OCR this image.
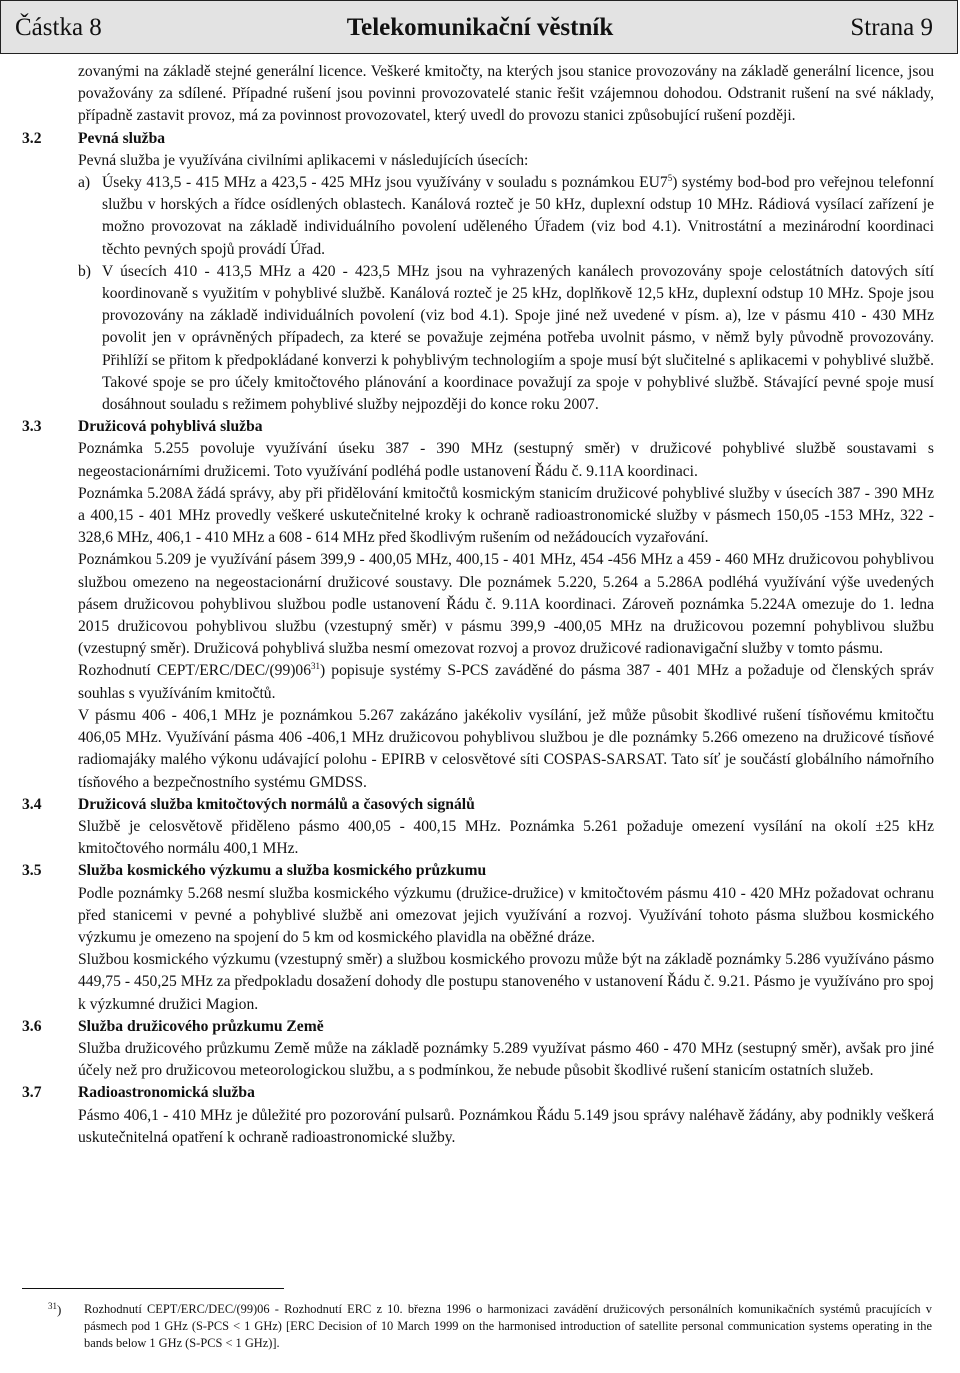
Částka 8	Telekomunikační věstník	Strana 9
zovanými na základě stejné generální licence. Veškeré kmitočty, na kterých jsou stanice provozovány na základě generální licence, jsou považovány za sdílené. Případné rušení jsou povinni provozovatelé stanic řešit vzájemnou dohodou. Odstranit rušení na své náklady, případně zastavit provoz, má za povinnost provozovatel, který uvedl do provozu stanici způsobující rušení později.
3.2 Pevná služba
Pevná služba je využívána civilními aplikacemi v následujících úsecích:
a) Úseky 413,5 - 415 MHz a 423,5 - 425 MHz jsou využívány v souladu s poznámkou $EU7^5$) systémy bod-bod pro veřejnou telefonní službu v horských a řídce osídlených oblastech. Kanálová rozteč je 50 kHz, duplexní odstup 10 MHz. Rádiová vysílací zařízení je možno provozovat na základě individuálního povolení uděleného Úřadem (viz bod 4.1). Vnitrostátní a mezinárodní koordinaci těchto pevných spojů provádí Úřad.
b) V úsecích 410 - 413,5 MHz a 420 - 423,5 MHz jsou na vyhrazených kanálech provozovány spoje celostátních datových sítí koordinovaně s využitím v pohyblivé službě. Kanálová rozteč je 25 kHz, doplňkově 12,5 kHz, duplexní odstup 10 MHz. Spoje jsou provozovány na základě individuálních povolení (viz bod 4.1). Spoje jiné než uvedené v písm. a), lze v pásmu 410 - 430 MHz povolit jen v oprávněných případech, za které se považuje zejména potřeba uvolnit pásmo, v němž byly původně provozovány. Přihlíží se přitom k předpokládané konverzi k pohyblivým technologiím a spoje musí být slučitelné s aplikacemi v pohyblivé službě. Takové spoje se pro účely kmitočtového plánování a koordinace považují za spoje v pohyblivé službě. Stávající pevné spoje musí dosáhnout souladu s režimem pohyblivé služby nejpozději do konce roku 2007.
3.3 Družicová pohyblivá služba
Poznámka 5.255 povoluje využívání úseku 387 - 390 MHz (sestupný směr) v družicové pohyblivé službě soustavami s negeostacionárními družicemi. Toto využívání podléhá podle ustanovení Řádu č. 9.11A koordinaci.
Poznámka 5.208A žádá správy, aby při přidělování kmitočtů kosmickým stanicím družicové pohyblivé služby v úsecích 387 - 390 MHz a 400,15 - 401 MHz provedly veškeré uskutečnitelné kroky k ochraně radioastronomické služby v pásmech 150,05 -153 MHz, 322 - 328,6 MHz, 406,1 - 410 MHz a 608 - 614 MHz před škodlivým rušením od nežádoucích vyzařování.
Poznámkou 5.209 je využívání pásem 399,9 - 400,05 MHz, 400,15 - 401 MHz, 454 -456 MHz a 459 - 460 MHz družicovou pohyblivou službou omezeno na negeostacionární družicové soustavy. Dle poznámek 5.220, 5.264 a 5.286A podléhá využívání výše uvedených pásem družicovou pohyblivou službou podle ustanovení Řádu č. 9.11A koordinaci. Zároveň poznámka 5.224A omezuje do 1. ledna 2015 družicovou pohyblivou službu (vzestupný směr) v pásmu 399,9 -400,05 MHz na družicovou pozemní pohyblivou službu (vzestupný směr). Družicová pohyblivá služba nesmí omezovat rozvoj a provoz družicové radionavigační služby v tomto pásmu.
Rozhodnutí CEPT/$ERC/DEC/(99)06^{31}$) popisuje systémy S-PCS zaváděné do pásma 387 - 401 MHz a požaduje od členských správ souhlas s využíváním kmitočtů.
V pásmu 406 - 406,1 MHz je poznámkou 5.267 zakázáno jakékoliv vysílání, jež může působit škodlivé rušení tísňovému kmitočtu 406,05 MHz. Využívání pásma 406 -406,1 MHz družicovou pohyblivou službou je dle poznámky 5.266 omezeno na družicové tísňové radiomajáky malého výkonu udávající polohu - EPIRB v celosvětové síti COSPAS-SARSAT. Tato síť je součástí globálního námořního tísňového a bezpečnostního systému GMDSS.
3.4 Družicová služba kmitočtových normálů a časových signálů
Službě je celosvětově přiděleno pásmo 400,05 - 400,15 MHz. Poznámka 5.261 požaduje omezení vysílání na okolí ±25 kHz kmitočtového normálu 400,1 MHz.
3.5 Služba kosmického výzkumu a služba kosmického průzkumu
Podle poznámky 5.268 nesmí služba kosmického výzkumu (družice-družice) v kmitočtovém pásmu 410 - 420 MHz požadovat ochranu před stanicemi v pevné a pohyblivé službě ani omezovat jejich využívání a rozvoj. Využívání tohoto pásma službou kosmického výzkumu je omezeno na spojení do 5 km od kosmického plavidla na oběžné dráze.
Službou kosmického výzkumu (vzestupný směr) a službou kosmického provozu může být na základě poznámky 5.286 využíváno pásmo 449,75 - 450,25 MHz za předpokladu dosažení dohody dle postupu stanoveného v ustanovení Řádu č. 9.21. Pásmo je využíváno pro spoj k výzkumné družici Magion.
3.6 Služba družicového průzkumu Země
Služba družicového průzkumu Země může na základě poznámky 5.289 využívat pásmo 460 - 470 MHz (sestupný směr), avšak pro jiné účely než pro družicovou meteorologickou službu, a s podmínkou, že nebude působit škodlivé rušení stanicím ostatních služeb.
3.7 Radioastronomická služba
Pásmo 406,1 - 410 MHz je důležité pro pozorování pulsarů. Poznámkou Řádu 5.149 jsou správy naléhavě žádány, aby podnikly veškerá uskutečnitelná opatření k ochraně radioastronomické služby.
$^{31}$)	Rozhodnutí CEPT/ERC/DEC/(99)06 - Rozhodnutí ERC z 10. března 1996 o harmonizaci zavádění družicových personálních komunikačních systémů pracujících v pásmech pod 1 GHz (S-PCS < 1 GHz) [ERC Decision of 10 March 1999 on the harmonised introduction of satellite personal communication systems operating in the bands below 1 GHz (S-PCS < 1 GHz)].
